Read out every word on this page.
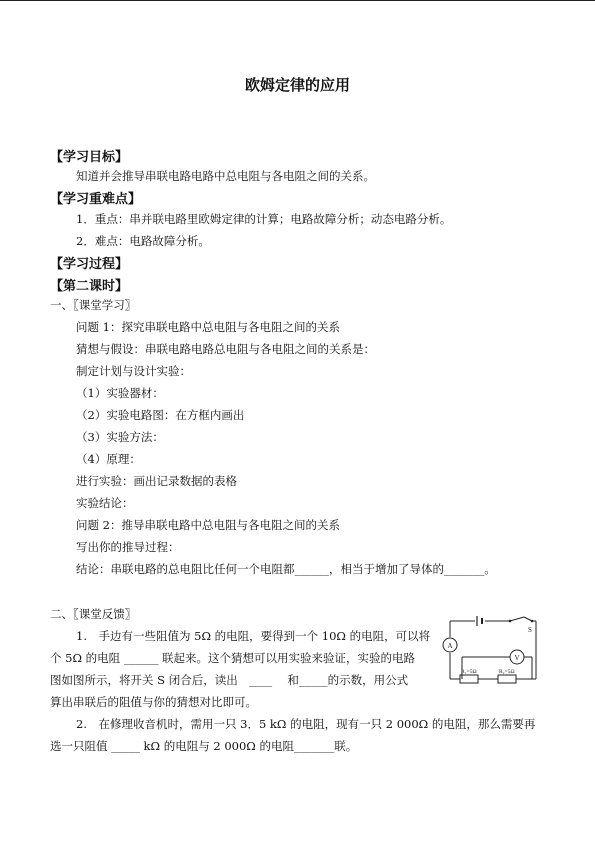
欧姆定律的应用
【学习目标】
知道并会推导串联电路电路中总电阻与各电阻之间的关系。
【学习重难点】
1．重点：串并联电路里欧姆定律的计算；电路故障分析；动态电路分析。
2．难点：电路故障分析。
【学习过程】
【第二课时】
一、〖课堂学习〗
问题 1：探究串联电路中总电阻与各电阻之间的关系
猜想与假设：串联电路电路总电阻与各电阻之间的关系是：
制定计划与设计实验：
（1）实验器材：
（2）实验电路图：在方框内画出
（3）实验方法：
（4）原理：
进行实验：画出记录数据的表格
实验结论：
问题 2：推导串联电路中总电阻与各电阻之间的关系
写出你的推导过程：
结论：串联电路的总电阻比任何一个电阻都______，相当于增加了导体的_______。
二、〖课堂反馈〗
1.　手边有一些阻值为 5Ω 的电阻，要得到一个 10Ω 的电阻，可以将
个 5Ω 的电阻 ______ 联起来。这个猜想可以用实验来验证，实验的电路
图如图所示，将开关 S 闭合后，读出　____　 和_____的示数，用公式
算出串联后的阻值与你的猜想对比即可。
2.　在修理收音机时，需用一只 3．5 kΩ 的电阻，现有一只 2 000Ω 的电阻，那么需要再
选一只阻值 _____ kΩ 的电阻与 2 000Ω 的电阻_______联。
S
A
V
R₁=5Ω	R₂=5Ω
